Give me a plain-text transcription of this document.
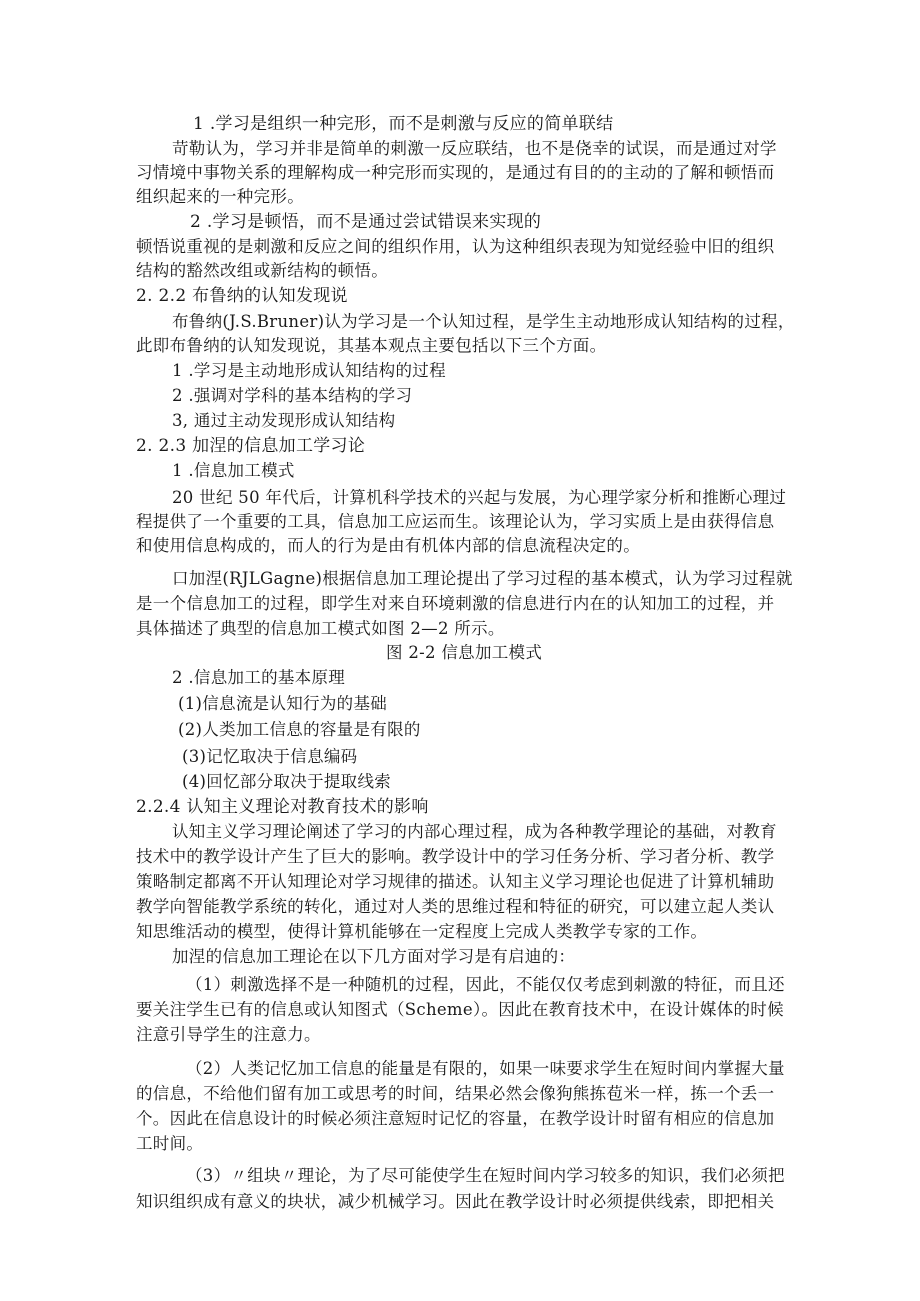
1 .学习是组织一种完形，而不是刺激与反应的简单联结
苛勒认为，学习并非是简单的刺激一反应联结，也不是侥幸的试误，而是通过对学
习情境中事物关系的理解构成一种完形而实现的，是通过有目的的主动的了解和顿悟而
组织起来的一种完形。
2 .学习是顿悟，而不是通过尝试错误来实现的
顿悟说重视的是刺激和反应之间的组织作用，认为这种组织表现为知觉经验中旧的组织
结构的豁然改组或新结构的顿悟。
2. 2.2 布鲁纳的认知发现说
布鲁纳(J.S.Bruner)认为学习是一个认知过程，是学生主动地形成认知结构的过程，
此即布鲁纳的认知发现说，其基本观点主要包括以下三个方面。
1 .学习是主动地形成认知结构的过程
2 .强调对学科的基本结构的学习
3, 通过主动发现形成认知结构
2. 2.3 加涅的信息加工学习论
1 .信息加工模式
20 世纪 50 年代后，计算机科学技术的兴起与发展，为心理学家分析和推断心理过
程提供了一个重要的工具，信息加工应运而生。该理论认为，学习实质上是由获得信息
和使用信息构成的，而人的行为是由有机体内部的信息流程决定的。
口加涅(RJLGagne)根据信息加工理论提出了学习过程的基本模式，认为学习过程就
是一个信息加工的过程，即学生对来自环境刺激的信息进行内在的认知加工的过程，并
具体描述了典型的信息加工模式如图 2—2 所示。
图 2-2 信息加工模式
2 .信息加工的基本原理
(1)信息流是认知行为的基础
(2)人类加工信息的容量是有限的
(3)记忆取决于信息编码
(4)回忆部分取决于提取线索
2.2.4 认知主义理论对教育技术的影响
认知主义学习理论阐述了学习的内部心理过程，成为各种教学理论的基础，对教育
技术中的教学设计产生了巨大的影响。教学设计中的学习任务分析、学习者分析、教学
策略制定都离不开认知理论对学习规律的描述。认知主义学习理论也促进了计算机辅助
教学向智能教学系统的转化，通过对人类的思维过程和特征的研究，可以建立起人类认
知思维活动的模型，使得计算机能够在一定程度上完成人类教学专家的工作。
加涅的信息加工理论在以下几方面对学习是有启迪的：
（1）刺激选择不是一种随机的过程，因此，不能仅仅考虑到刺激的特征，而且还
要关注学生已有的信息或认知图式（Scheme）。因此在教育技术中，在设计媒体的时候
注意引导学生的注意力。
（2）人类记忆加工信息的能量是有限的，如果一味要求学生在短时间内掌握大量
的信息，不给他们留有加工或思考的时间，结果必然会像狗熊拣苞米一样，拣一个丢一
个。因此在信息设计的时候必须注意短时记忆的容量，在教学设计时留有相应的信息加
工时间。
（3）〃组块〃理论，为了尽可能使学生在短时间内学习较多的知识，我们必须把
知识组织成有意义的块状，减少机械学习。因此在教学设计时必须提供线索，即把相关
